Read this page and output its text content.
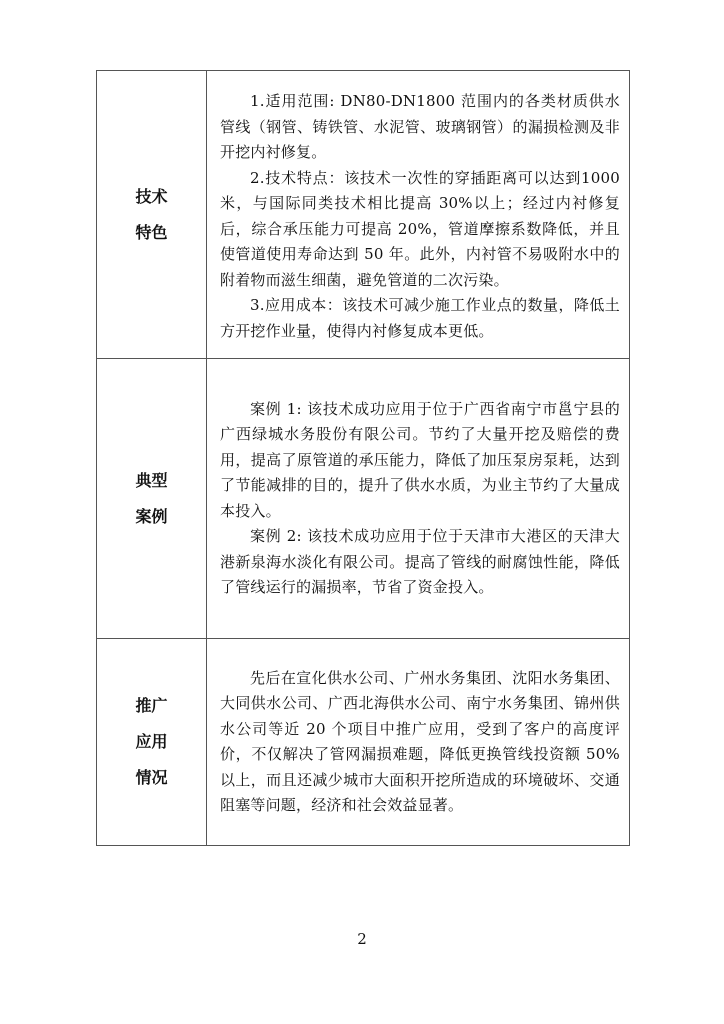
技术
特色

1.适用范围: DN80-DN1800 范围内的各类材质供水管线（钢管、铸铁管、水泥管、玻璃钢管）的漏损检测及非开挖内衬修复。

2.技术特点：该技术一次性的穿插距离可以达到1000 米，与国际同类技术相比提高 30%以上；经过内衬修复后，综合承压能力可提高 20%，管道摩擦系数降低，并且使管道使用寿命达到 50 年。此外，内衬管不易吸附水中的附着物而滋生细菌，避免管道的二次污染。

3.应用成本：该技术可减少施工作业点的数量，降低土方开挖作业量，使得内衬修复成本更低。

典型
案例

案例 1: 该技术成功应用于位于广西省南宁市邕宁县的广西绿城水务股份有限公司。节约了大量开挖及赔偿的费用，提高了原管道的承压能力，降低了加压泵房泵耗，达到了节能减排的目的，提升了供水水质，为业主节约了大量成本投入。

案例 2: 该技术成功应用于位于天津市大港区的天津大港新泉海水淡化有限公司。提高了管线的耐腐蚀性能，降低了管线运行的漏损率，节省了资金投入。

推广
应用
情况

先后在宣化供水公司、广州水务集团、沈阳水务集团、大同供水公司、广西北海供水公司、南宁水务集团、锦州供水公司等近 20 个项目中推广应用，受到了客户的高度评价，不仅解决了管网漏损难题，降低更换管线投资额 50%以上，而且还减少城市大面积开挖所造成的环境破坏、交通阻塞等问题，经济和社会效益显著。

2
